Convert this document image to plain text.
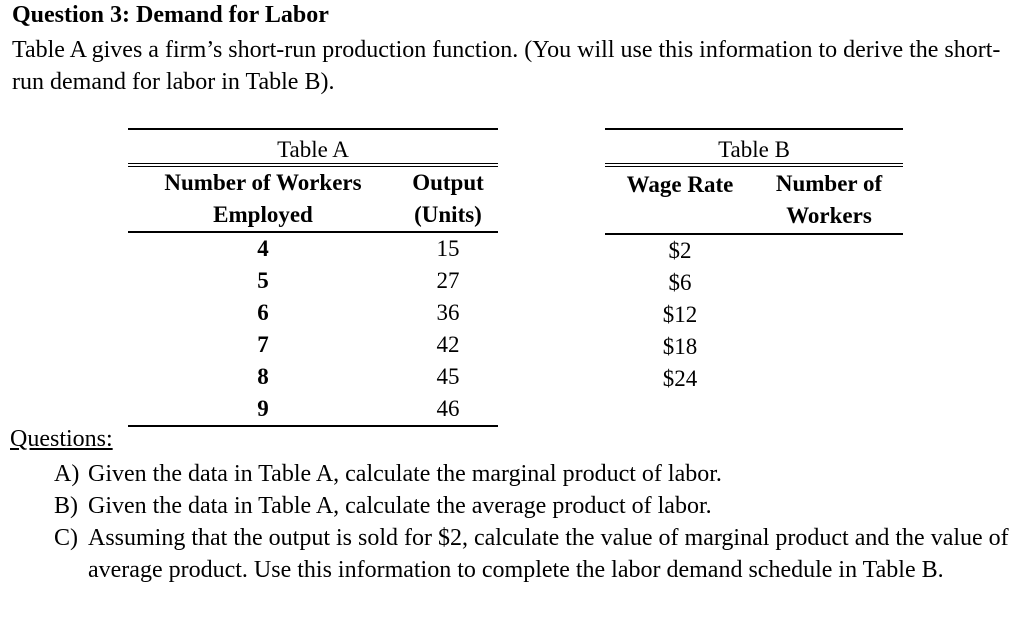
Question 3: Demand for Labor
Table A gives a firm’s short-run production function. (You will use this information to derive the short-run demand for labor in Table B).
Table A	
Number of Workers
Employed	Output
(Units)
4	15
5	27
6	36
7	42
8	45
9	46
Table B	
Wage Rate	Number of
Workers
$2	
$6	
$12	
$18	
$24	
Questions:
A) Given the data in Table A, calculate the marginal product of labor.
B) Given the data in Table A, calculate the average product of labor.
C) Assuming that the output is sold for $2, calculate the value of marginal product and the value of average product. Use this information to complete the labor demand schedule in Table B.
